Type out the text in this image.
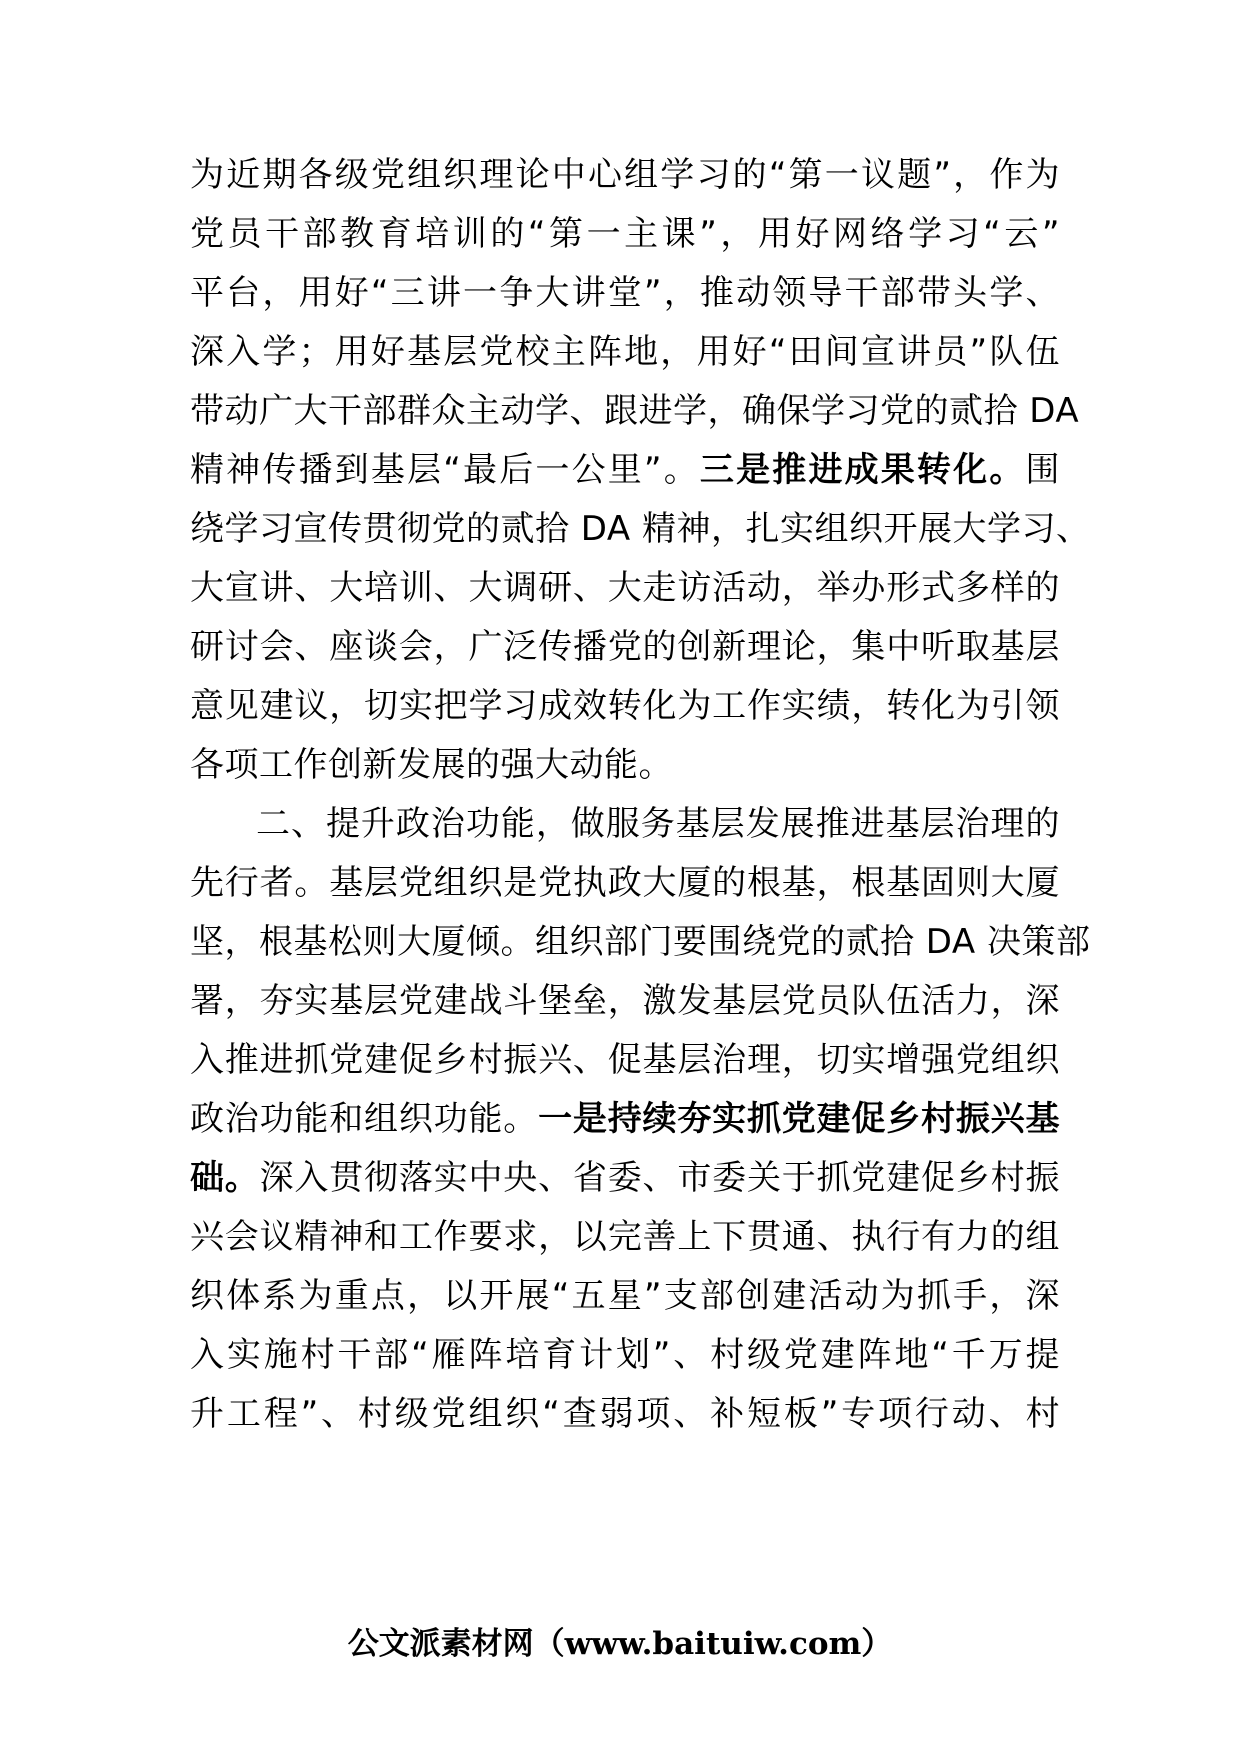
为近期各级党组织理论中心组学习的“第一议题”，作为
党员干部教育培训的“第一主课”，用好网络学习“云”
平台，用好“三讲一争大讲堂”，推动领导干部带头学、
深入学；用好基层党校主阵地，用好“田间宣讲员”队伍
带动广大干部群众主动学、跟进学，确保学习党的贰拾 DA
精神传播到基层“最后一公里”。三是推进成果转化。围
绕学习宣传贯彻党的贰拾 DA 精神，扎实组织开展大学习、
大宣讲、大培训、大调研、大走访活动，举办形式多样的
研讨会、座谈会，广泛传播党的创新理论，集中听取基层
意见建议，切实把学习成效转化为工作实绩，转化为引领
各项工作创新发展的强大动能。
二、提升政治功能，做服务基层发展推进基层治理的
先行者。基层党组织是党执政大厦的根基，根基固则大厦
坚，根基松则大厦倾。组织部门要围绕党的贰拾 DA 决策部
署，夯实基层党建战斗堡垒，激发基层党员队伍活力，深
入推进抓党建促乡村振兴、促基层治理，切实增强党组织
政治功能和组织功能。一是持续夯实抓党建促乡村振兴基
础。深入贯彻落实中央、省委、市委关于抓党建促乡村振
兴会议精神和工作要求，以完善上下贯通、执行有力的组
织体系为重点，以开展“五星”支部创建活动为抓手，深
入实施村干部“雁阵培育计划”、村级党建阵地“千万提
升工程”、村级党组织“查弱项、补短板”专项行动、村
公文派素材网（www.baituiw.com）
